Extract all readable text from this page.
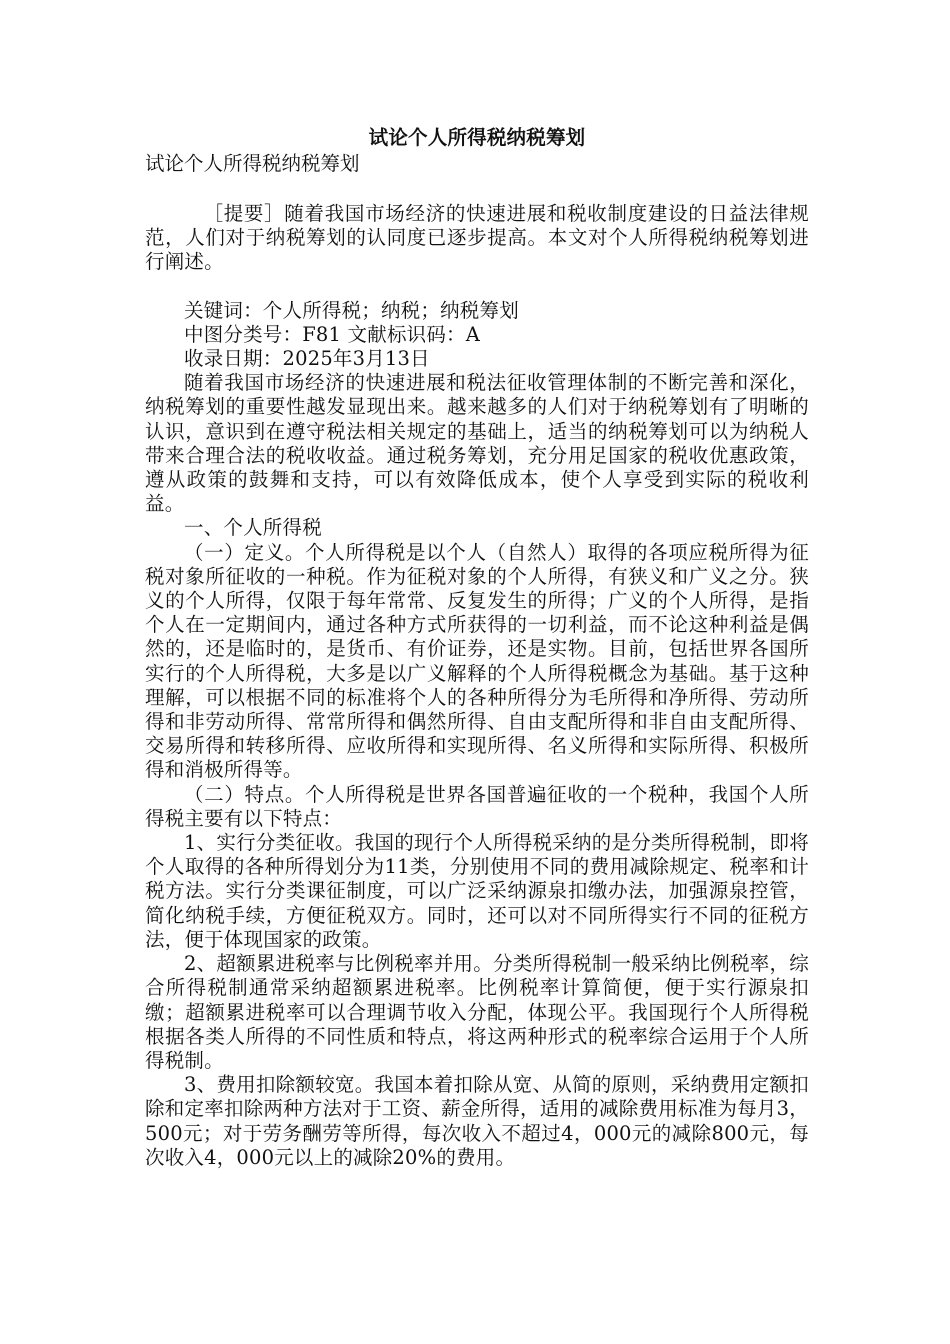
试论个人所得税纳税筹划

试论个人所得税纳税筹划

［提要］随着我国市场经济的快速进展和税收制度建设的日益法律规范，人们对于纳税筹划的认同度已逐步提高。本文对个人所得税纳税筹划进行阐述。

关键词：个人所得税；纳税；纳税筹划

中图分类号：F81 文献标识码：A

收录日期：2025年3月13日

随着我国市场经济的快速进展和税法征收管理体制的不断完善和深化，纳税筹划的重要性越发显现出来。越来越多的人们对于纳税筹划有了明晰的认识，意识到在遵守税法相关规定的基础上，适当的纳税筹划可以为纳税人带来合理合法的税收收益。通过税务筹划，充分用足国家的税收优惠政策，遵从政策的鼓舞和支持，可以有效降低成本，使个人享受到实际的税收利益。

一、个人所得税

（一）定义。个人所得税是以个人（自然人）取得的各项应税所得为征税对象所征收的一种税。作为征税对象的个人所得，有狭义和广义之分。狭义的个人所得，仅限于每年常常、反复发生的所得；广义的个人所得，是指个人在一定期间内，通过各种方式所获得的一切利益，而不论这种利益是偶然的，还是临时的，是货币、有价证券，还是实物。目前，包括世界各国所实行的个人所得税，大多是以广义解释的个人所得税概念为基础。基于这种理解，可以根据不同的标准将个人的各种所得分为毛所得和净所得、劳动所得和非劳动所得、常常所得和偶然所得、自由支配所得和非自由支配所得、交易所得和转移所得、应收所得和实现所得、名义所得和实际所得、积极所得和消极所得等。

（二）特点。个人所得税是世界各国普遍征收的一个税种，我国个人所得税主要有以下特点：

1、实行分类征收。我国的现行个人所得税采纳的是分类所得税制，即将个人取得的各种所得划分为11类，分别使用不同的费用减除规定、税率和计税方法。实行分类课征制度，可以广泛采纳源泉扣缴办法，加强源泉控管，简化纳税手续，方便征税双方。同时，还可以对不同所得实行不同的征税方法，便于体现国家的政策。

2、超额累进税率与比例税率并用。分类所得税制一般采纳比例税率，综合所得税制通常采纳超额累进税率。比例税率计算简便，便于实行源泉扣缴；超额累进税率可以合理调节收入分配，体现公平。我国现行个人所得税根据各类人所得的不同性质和特点，将这两种形式的税率综合运用于个人所得税制。

3、费用扣除额较宽。我国本着扣除从宽、从简的原则，采纳费用定额扣除和定率扣除两种方法对于工资、薪金所得，适用的减除费用标准为每月3，500元；对于劳务酬劳等所得，每次收入不超过4，000元的减除800元，每次收入4，000元以上的减除20%的费用。
